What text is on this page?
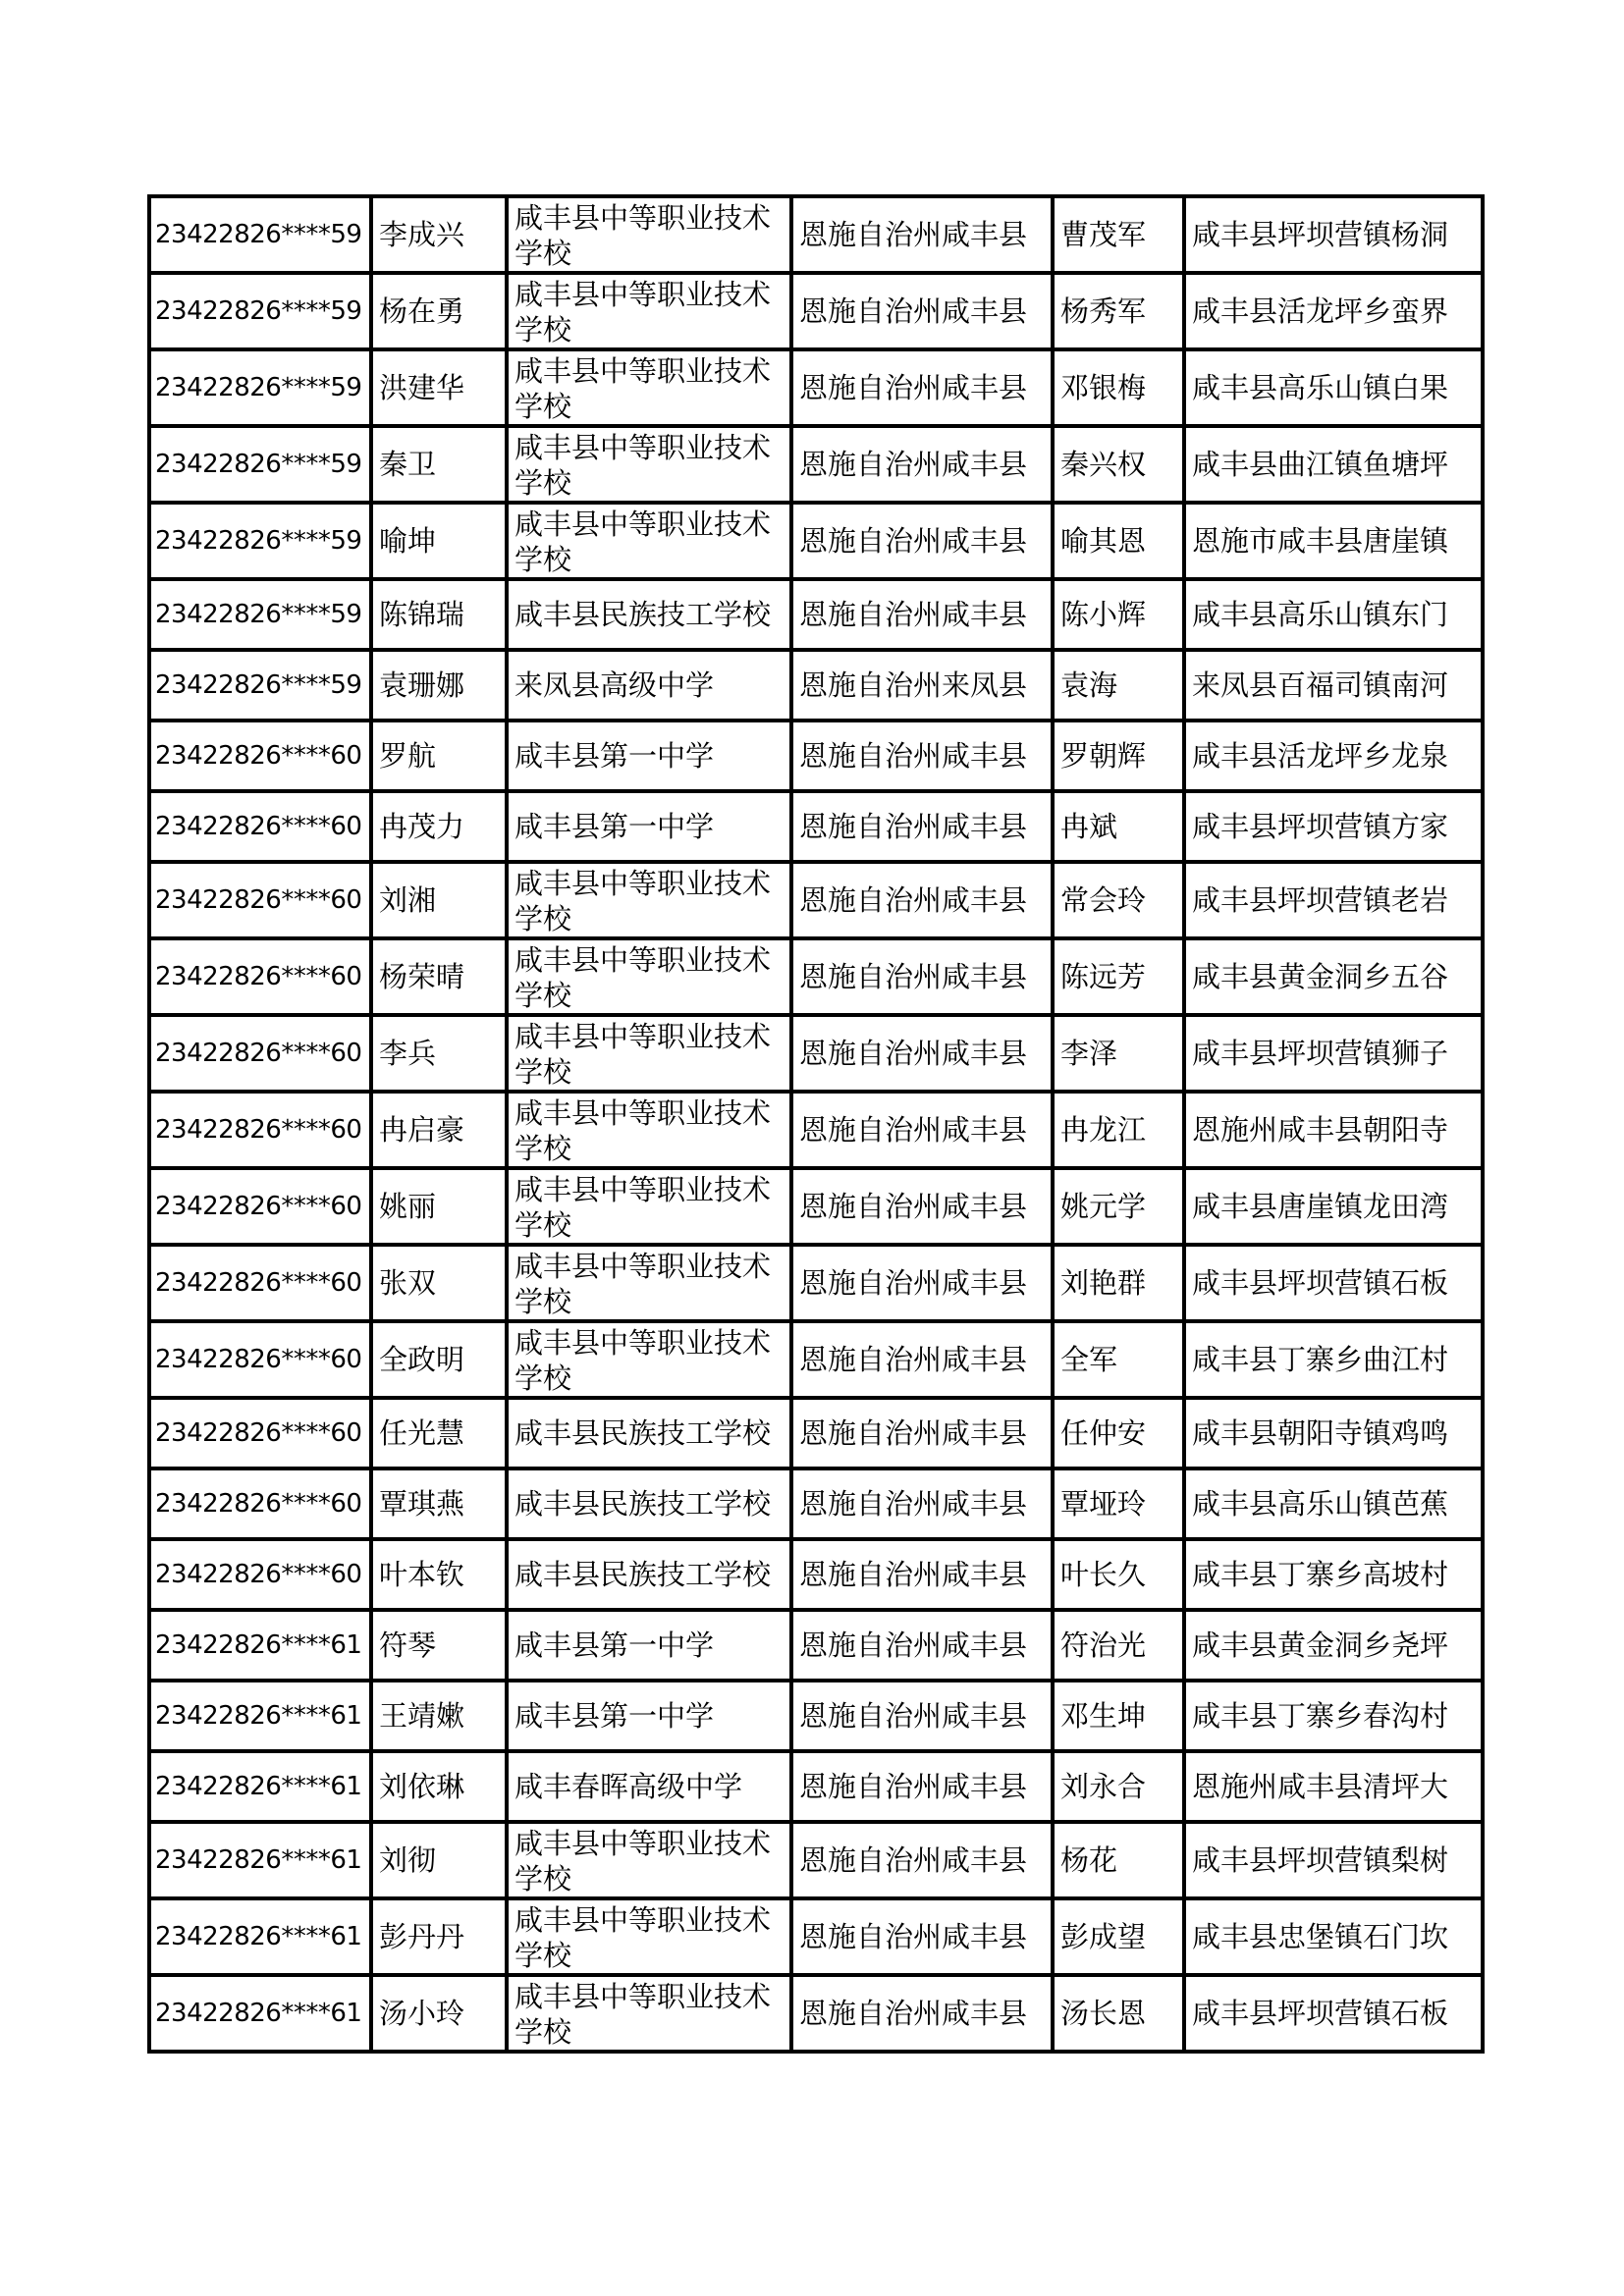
23422826****59	李成兴	咸丰县中等职业技术学校	恩施自治州咸丰县	曹茂军	咸丰县坪坝营镇杨洞
23422826****59	杨在勇	咸丰县中等职业技术学校	恩施自治州咸丰县	杨秀军	咸丰县活龙坪乡蛮界
23422826****59	洪建华	咸丰县中等职业技术学校	恩施自治州咸丰县	邓银梅	咸丰县高乐山镇白果
23422826****59	秦卫	咸丰县中等职业技术学校	恩施自治州咸丰县	秦兴权	咸丰县曲江镇鱼塘坪
23422826****59	喻坤	咸丰县中等职业技术学校	恩施自治州咸丰县	喻其恩	恩施市咸丰县唐崖镇
23422826****59	陈锦瑞	咸丰县民族技工学校	恩施自治州咸丰县	陈小辉	咸丰县高乐山镇东门
23422826****59	袁珊娜	来凤县高级中学	恩施自治州来凤县	袁海	来凤县百福司镇南河
23422826****60	罗航	咸丰县第一中学	恩施自治州咸丰县	罗朝辉	咸丰县活龙坪乡龙泉
23422826****60	冉茂力	咸丰县第一中学	恩施自治州咸丰县	冉斌	咸丰县坪坝营镇方家
23422826****60	刘湘	咸丰县中等职业技术学校	恩施自治州咸丰县	常会玲	咸丰县坪坝营镇老岩
23422826****60	杨荣晴	咸丰县中等职业技术学校	恩施自治州咸丰县	陈远芳	咸丰县黄金洞乡五谷
23422826****60	李兵	咸丰县中等职业技术学校	恩施自治州咸丰县	李泽	咸丰县坪坝营镇狮子
23422826****60	冉启豪	咸丰县中等职业技术学校	恩施自治州咸丰县	冉龙江	恩施州咸丰县朝阳寺
23422826****60	姚丽	咸丰县中等职业技术学校	恩施自治州咸丰县	姚元学	咸丰县唐崖镇龙田湾
23422826****60	张双	咸丰县中等职业技术学校	恩施自治州咸丰县	刘艳群	咸丰县坪坝营镇石板
23422826****60	全政明	咸丰县中等职业技术学校	恩施自治州咸丰县	全军	咸丰县丁寨乡曲江村
23422826****60	任光慧	咸丰县民族技工学校	恩施自治州咸丰县	任仲安	咸丰县朝阳寺镇鸡鸣
23422826****60	覃琪燕	咸丰县民族技工学校	恩施自治州咸丰县	覃垭玲	咸丰县高乐山镇芭蕉
23422826****60	叶本钦	咸丰县民族技工学校	恩施自治州咸丰县	叶长久	咸丰县丁寨乡高坡村
23422826****61	符琴	咸丰县第一中学	恩施自治州咸丰县	符治光	咸丰县黄金洞乡尧坪
23422826****61	王靖嫰	咸丰县第一中学	恩施自治州咸丰县	邓生坤	咸丰县丁寨乡春沟村
23422826****61	刘依琳	咸丰春晖高级中学	恩施自治州咸丰县	刘永合	恩施州咸丰县清坪大
23422826****61	刘彻	咸丰县中等职业技术学校	恩施自治州咸丰县	杨花	咸丰县坪坝营镇梨树
23422826****61	彭丹丹	咸丰县中等职业技术学校	恩施自治州咸丰县	彭成望	咸丰县忠堡镇石门坎
23422826****61	汤小玲	咸丰县中等职业技术学校	恩施自治州咸丰县	汤长恩	咸丰县坪坝营镇石板
